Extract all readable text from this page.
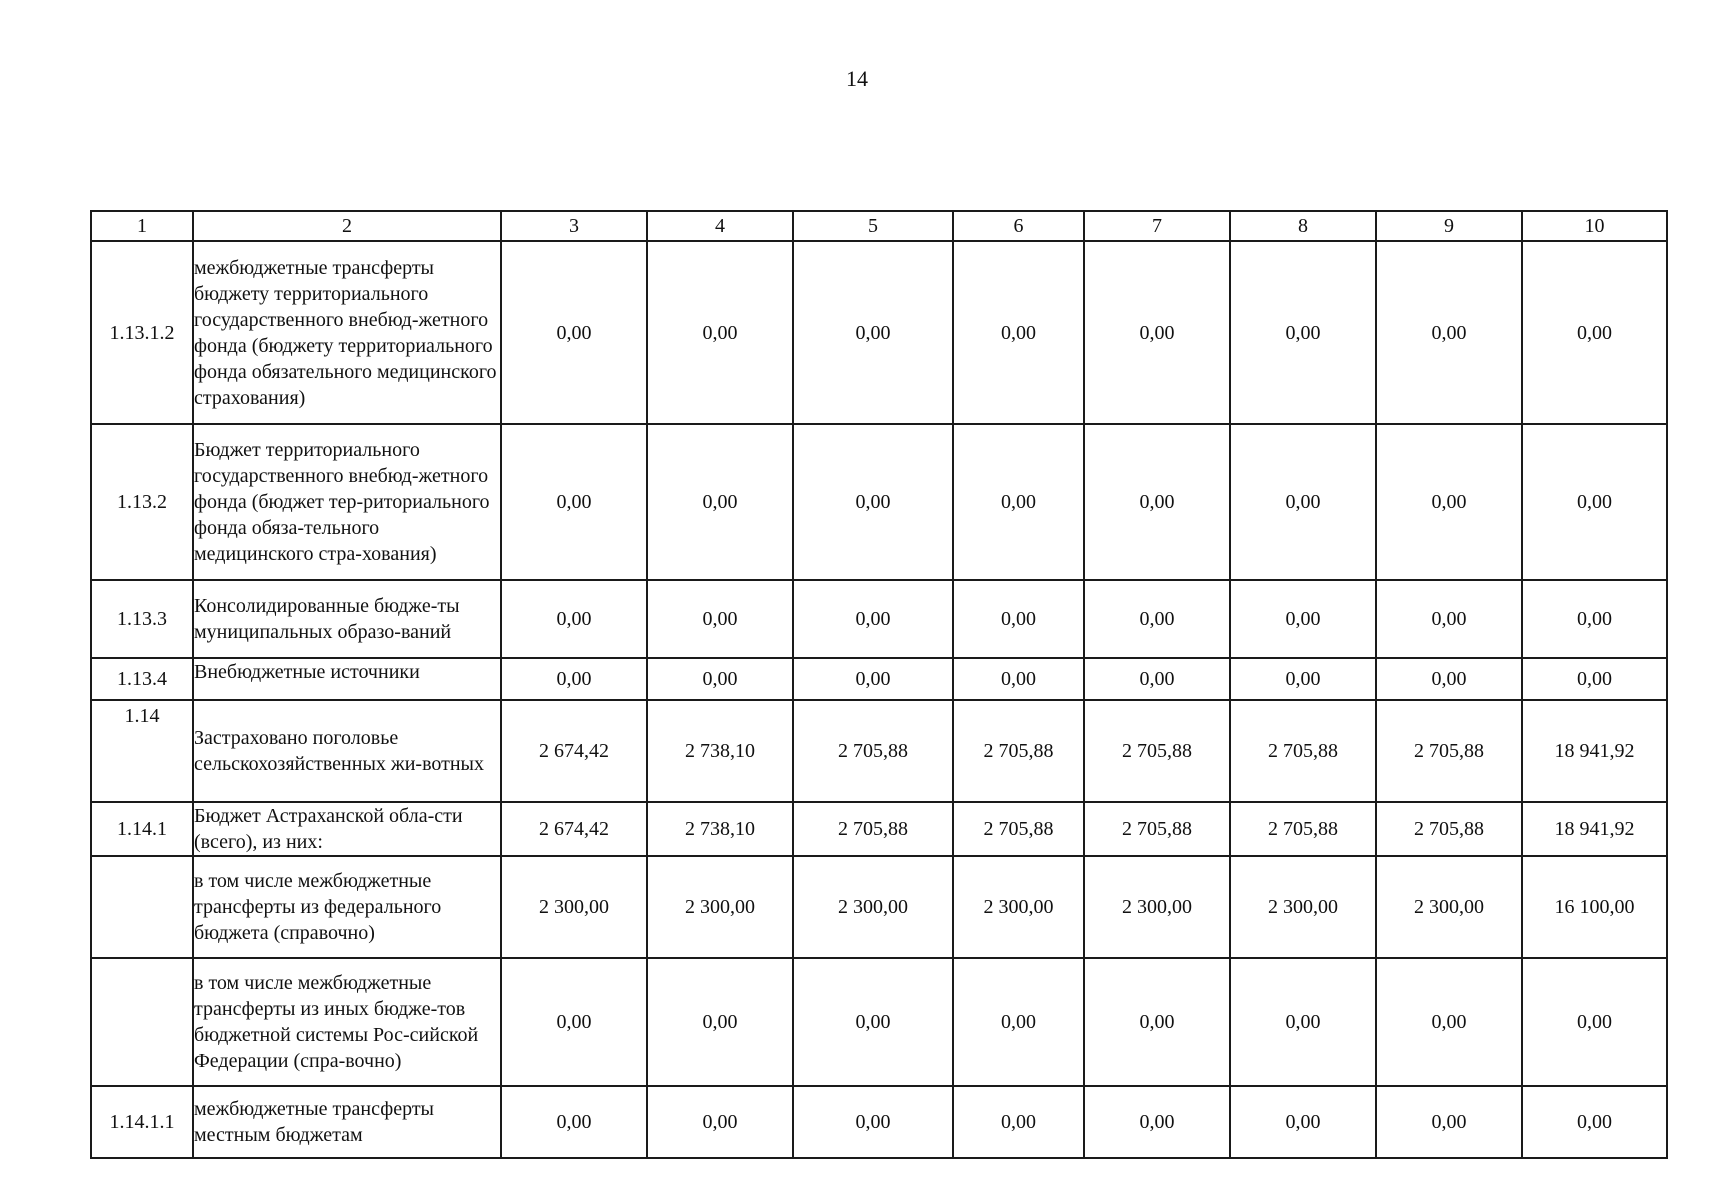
14
1	2	3	4	5	6	7	8	9	10
1.13.1.2	межбюджетные трансферты бюджету территориального государственного внебюд-жетного фонда (бюджету территориального фонда обязательного медицинского страхования)	0,00	0,00	0,00	0,00	0,00	0,00	0,00	0,00
1.13.2	Бюджет территориального государственного внебюд-жетного фонда (бюджет тер-риториального фонда обяза-тельного медицинского стра-хования)	0,00	0,00	0,00	0,00	0,00	0,00	0,00	0,00
1.13.3	Консолидированные бюдже-ты муниципальных образо-ваний	0,00	0,00	0,00	0,00	0,00	0,00	0,00	0,00
1.13.4	Внебюджетные источники	0,00	0,00	0,00	0,00	0,00	0,00	0,00	0,00
1.14	Застраховано поголовье сельскохозяйственных жи-вотных	2 674,42	2 738,10	2 705,88	2 705,88	2 705,88	2 705,88	2 705,88	18 941,92
1.14.1	Бюджет Астраханской обла-сти (всего), из них:	2 674,42	2 738,10	2 705,88	2 705,88	2 705,88	2 705,88	2 705,88	18 941,92
	в том числе межбюджетные трансферты из федерального бюджета (справочно)	2 300,00	2 300,00	2 300,00	2 300,00	2 300,00	2 300,00	2 300,00	16 100,00
	в том числе межбюджетные трансферты из иных бюдже-тов бюджетной системы Рос-сийской Федерации (спра-вочно)	0,00	0,00	0,00	0,00	0,00	0,00	0,00	0,00
1.14.1.1	межбюджетные трансферты местным бюджетам	0,00	0,00	0,00	0,00	0,00	0,00	0,00	0,00
